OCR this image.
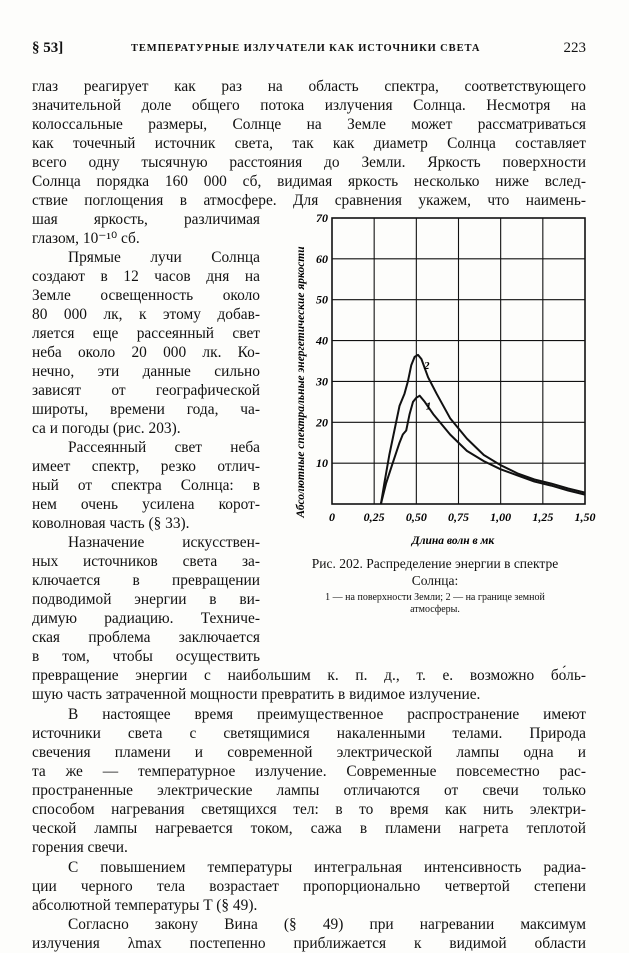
§ 53]	ТЕМПЕРАТУРНЫЕ ИЗЛУЧАТЕЛИ КАК ИСТОЧНИКИ СВЕТА	223
глаз реагирует как раз на область спектра, соответствующего
значительной доле общего потока излучения Солнца. Несмотря на
колоссальные размеры, Солнце на Земле может рассматриваться
как точечный источник света, так как диаметр Солнца составляет
всего одну тысячную расстояния до Земли. Яркость поверхности
Солнца порядка 160 000 сб, видимая яркость несколько ниже вслед-
ствие поглощения в атмосфере. Для сравнения укажем, что наимень-
шая яркость, различимая
глазом, 10⁻¹⁰ сб.
Прямые лучи Солнца
создают в 12 часов дня на
Земле освещенность около
80 000 лк, к этому добав-
ляется еще рассеянный свет
неба около 20 000 лк. Ко-
нечно, эти данные сильно
зависят от географической
широты, времени года, ча-
са и погоды (рис. 203).
Рассеянный свет неба
имеет спектр, резко отлич-
ный от спектра Солнца: в
нем очень усилена корот-
коволновая часть (§ 33).
Назначение искусствен-
ных источников света за-
ключается в превращении
подводимой энергии в ви-
димую радиацию. Техниче-
ская проблема заключается
в том, чтобы осуществить
превращение энергии с наибольшим к. п. д., т. е. возможно бо́ль-
шую часть затраченной мощности превратить в видимое излучение.
В настоящее время преимущественное распространение имеют
источники света с светящимися накаленными телами. Природа
свечения пламени и современной электрической лампы одна и
та же — температурное излучение. Современные повсеместно рас-
пространенные электрические лампы отличаются от свечи только
способом нагревания светящихся тел: в то время как нить электри-
ческой лампы нагревается током, сажа в пламени нагрета теплотой
горения свечи.
С повышением температуры интегральная интенсивность радиа-
ции черного тела возрастает пропорционально четвертой степени
абсолютной температуры T (§ 49).
Согласно закону Вина (§ 49) при нагревании максимум
излучения λmax постепенно приближается к видимой области
10
20
30
40
50
60
70
0 0,25 0,50 0,75 1,00 1,25 1,50
1
2
Абсолютные спектральные энергетические яркости
Длина волн в мк
Рис. 202. Распределение энергии в спектре
Солнца:
1 — на поверхности Земли; 2 — на границе земной
атмосферы.
